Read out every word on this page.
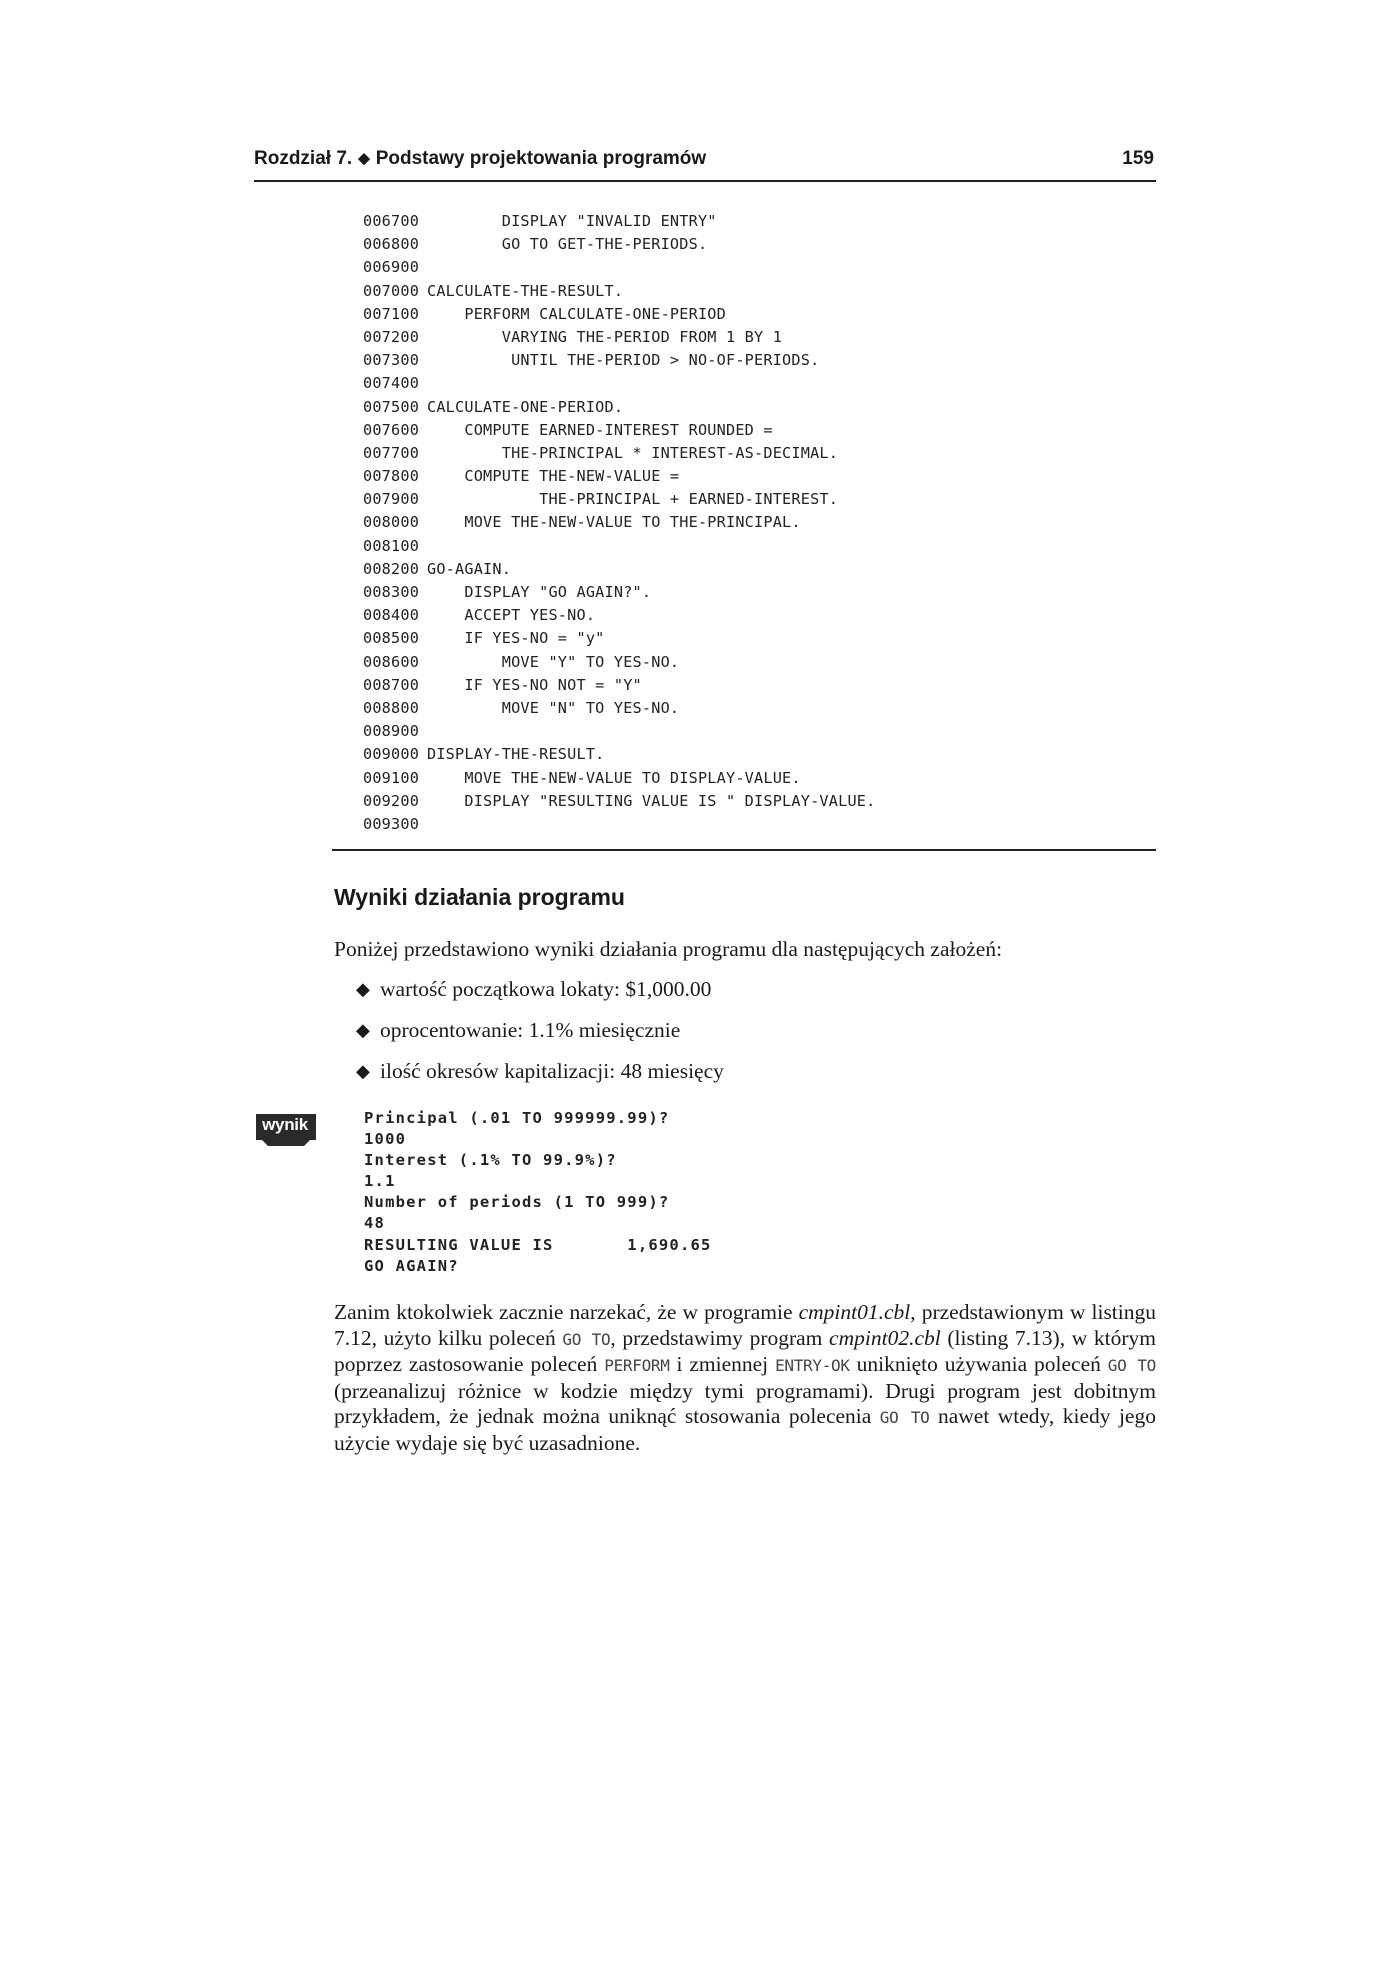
Rozdział 7. ◆ Podstawy projektowania programów	159
006700        DISPLAY "INVALID ENTRY"
006800        GO TO GET-THE-PERIODS.
006900
007000 CALCULATE-THE-RESULT.
007100    PERFORM CALCULATE-ONE-PERIOD
007200        VARYING THE-PERIOD FROM 1 BY 1
007300         UNTIL THE-PERIOD > NO-OF-PERIODS.
007400
007500 CALCULATE-ONE-PERIOD.
007600    COMPUTE EARNED-INTEREST ROUNDED =
007700        THE-PRINCIPAL * INTEREST-AS-DECIMAL.
007800    COMPUTE THE-NEW-VALUE =
007900            THE-PRINCIPAL + EARNED-INTEREST.
008000    MOVE THE-NEW-VALUE TO THE-PRINCIPAL.
008100
008200 GO-AGAIN.
008300    DISPLAY "GO AGAIN?".
008400    ACCEPT YES-NO.
008500    IF YES-NO = "y"
008600        MOVE "Y" TO YES-NO.
008700    IF YES-NO NOT = "Y"
008800        MOVE "N" TO YES-NO.
008900
009000 DISPLAY-THE-RESULT.
009100    MOVE THE-NEW-VALUE TO DISPLAY-VALUE.
009200    DISPLAY "RESULTING VALUE IS " DISPLAY-VALUE.
009300
Wyniki działania programu

Poniżej przedstawiono wyniki działania programu dla następujących założeń:

◆ wartość początkowa lokaty: $1,000.00
◆ oprocentowanie: 1.1% miesięcznie
◆ ilość okresów kapitalizacji: 48 miesięcy
wynik	Principal (.01 TO 999999.99)?
1000
Interest (.1% TO 99.9%)?
1.1
Number of periods (1 TO 999)?
48
RESULTING VALUE IS       1,690.65
GO AGAIN?

Zanim ktokolwiek zacznie narzekać, że w programie cmpint01.cbl, przedstawionym w listingu 7.12, użyto kilku poleceń GO TO, przedstawimy program cmpint02.cbl (listing 7.13), w którym poprzez zastosowanie poleceń PERFORM i zmiennej ENTRY-OK uniknięto używania poleceń GO TO (przeanalizuj różnice w kodzie między tymi programami). Drugi program jest dobitnym przykładem, że jednak można uniknąć stosowania polecenia GO TO nawet wtedy, kiedy jego użycie wydaje się być uzasadnione.
